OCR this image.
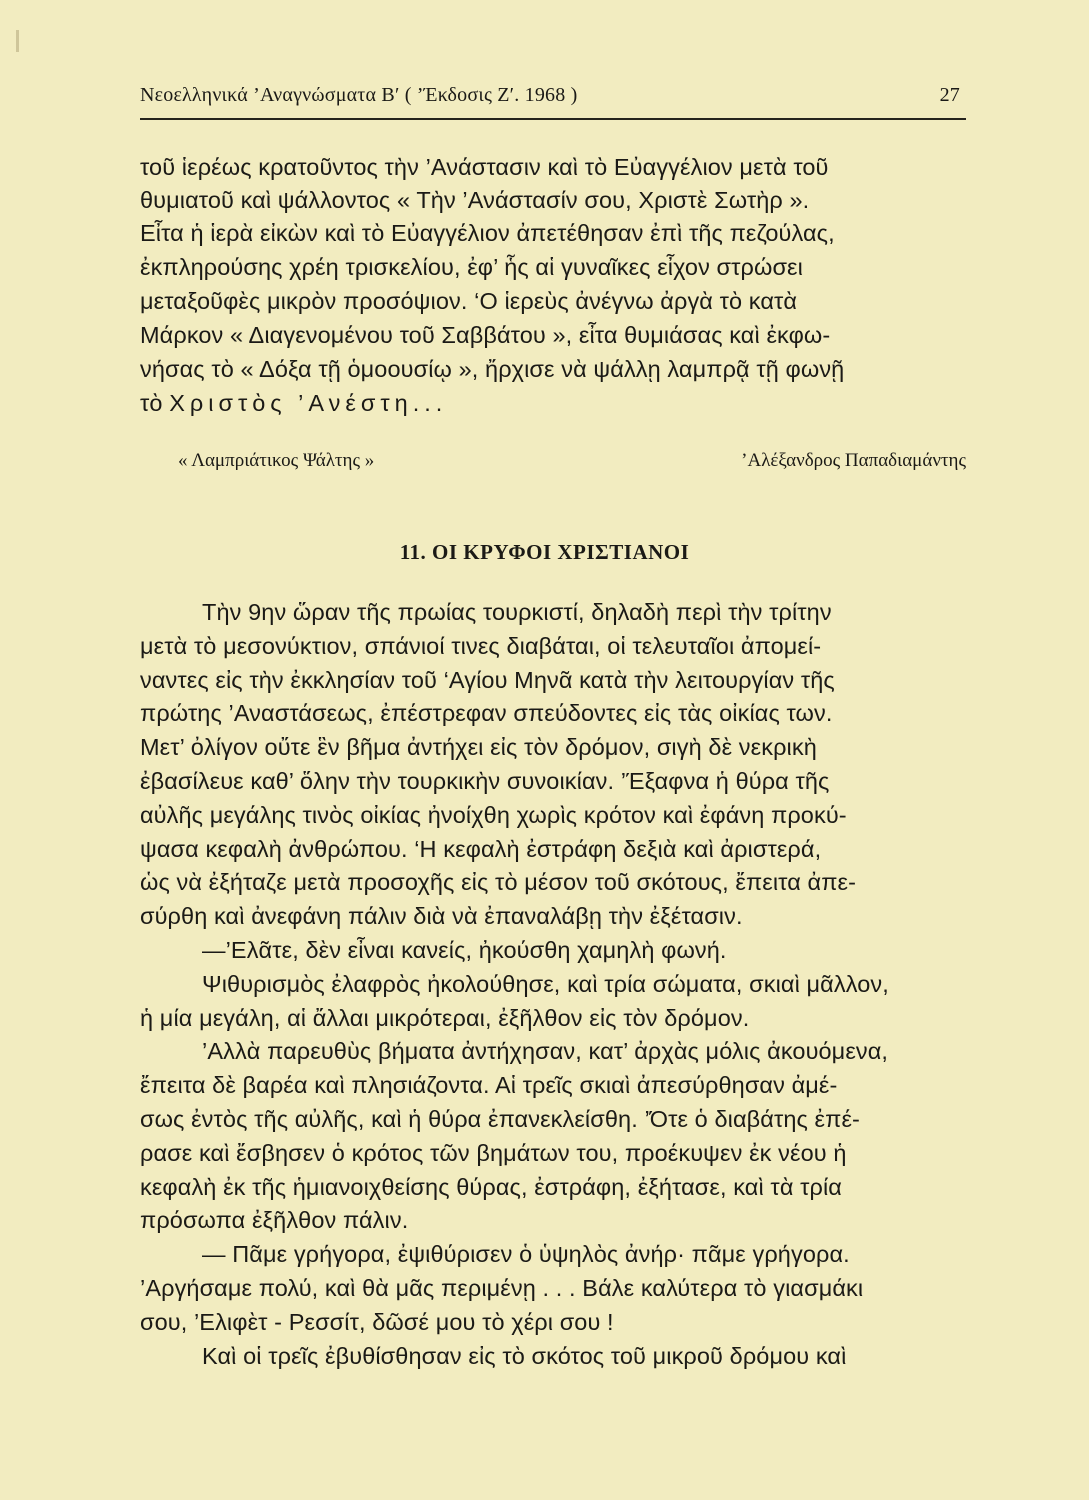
Νεοελληνικά ’Αναγνώσματα Β′ ( ’Έκδοσις Ζ′. 1968 )	27
τοῦ ἱερέως κρατοῦντος τὴν ’Ανάστασιν καὶ τὸ Εὐαγγέλιον μετὰ τοῦ
θυμιατοῦ καὶ ψάλλοντος « Τὴν ’Ανάστασίν σου, Χριστὲ Σωτὴρ ».
Εἶτα ἡ ἱερὰ εἰκὼν καὶ τὸ Εὐαγγέλιον ἀπετέθησαν ἐπὶ τῆς πεζούλας,
ἐκπληρούσης χρέη τρισκελίου, ἐφ’ ἧς αἱ γυναῖκες εἶχον στρώσει
μεταξοῦφὲς μικρὸν προσόψιον. ‘Ο ἱερεὺς ἀνέγνω ἀργὰ τὸ κατὰ
Μάρκον « Διαγενομένου τοῦ Σαββάτου », εἶτα θυμιάσας καὶ ἐκφω-
νήσας τὸ « Δόξα τῇ ὁμοουσίῳ », ἤρχισε νὰ ψάλλῃ λαμπρᾷ τῇ φωνῇ
τὸ Χριστὸς ’Ανέστη...
« Λαμπριάτικος Ψάλτης »	’Αλέξανδρος Παπαδιαμάντης
11. ΟΙ ΚΡΥΦΟΙ ΧΡΙΣΤΙΑΝΟΙ
Τὴν 9ην ὥραν τῆς πρωίας τουρκιστί, δηλαδὴ περὶ τὴν τρίτην
μετὰ τὸ μεσονύκτιον, σπάνιοί τινες διαβάται, οἱ τελευταῖοι ἀπομεί-
ναντες εἰς τὴν ἐκκλησίαν τοῦ ‘Αγίου Μηνᾶ κατὰ τὴν λειτουργίαν τῆς
πρώτης ’Αναστάσεως, ἐπέστρεφαν σπεύδοντες εἰς τὰς οἰκίας των.
Μετ’ ὀλίγον οὔτε ἓν βῆμα ἀντήχει εἰς τὸν δρόμον, σιγὴ δὲ νεκρικὴ
ἐβασίλευε καθ’ ὅλην τὴν τουρκικὴν συνοικίαν. ’Έξαφνα ἡ θύρα τῆς
αὐλῆς μεγάλης τινὸς οἰκίας ἠνοίχθη χωρὶς κρότον καὶ ἐφάνη προκύ-
ψασα κεφαλὴ ἀνθρώπου. ‘Η κεφαλὴ ἐστράφη δεξιὰ καὶ ἀριστερά,
ὡς νὰ ἐξήταζε μετὰ προσοχῆς εἰς τὸ μέσον τοῦ σκότους, ἔπειτα ἀπε-
σύρθη καὶ ἀνεφάνη πάλιν διὰ νὰ ἐπαναλάβῃ τὴν ἐξέτασιν.
—’Ελᾶτε, δὲν εἶναι κανείς, ἠκούσθη χαμηλὴ φωνή.
Ψιθυρισμὸς ἐλαφρὸς ἠκολούθησε, καὶ τρία σώματα, σκιαὶ μᾶλλον,
ἡ μία μεγάλη, αἱ ἄλλαι μικρότεραι, ἐξῆλθον εἰς τὸν δρόμον.
’Αλλὰ παρευθὺς βήματα ἀντήχησαν, κατ’ ἀρχὰς μόλις ἀκουόμενα,
ἔπειτα δὲ βαρέα καὶ πλησιάζοντα. Αἱ τρεῖς σκιαὶ ἀπεσύρθησαν ἀμέ-
σως ἐντὸς τῆς αὐλῆς, καὶ ἡ θύρα ἐπανεκλείσθη. ’Ότε ὁ διαβάτης ἐπέ-
ρασε καὶ ἔσβησεν ὁ κρότος τῶν βημάτων του, προέκυψεν ἐκ νέου ἡ
κεφαλὴ ἐκ τῆς ἡμιανοιχθείσης θύρας, ἐστράφη, ἐξήτασε, καὶ τὰ τρία
πρόσωπα ἐξῆλθον πάλιν.
— Πᾶμε γρήγορα, ἐψιθύρισεν ὁ ὑψηλὸς ἀνήρ· πᾶμε γρήγορα.
’Αργήσαμε πολύ, καὶ θὰ μᾶς περιμένῃ . . . Βάλε καλύτερα τὸ γιασμάκι
σου, ’Ελιφὲτ - Ρεσσίτ, δῶσέ μου τὸ χέρι σου !
Καὶ οἱ τρεῖς ἐβυθίσθησαν εἰς τὸ σκότος τοῦ μικροῦ δρόμου καὶ
